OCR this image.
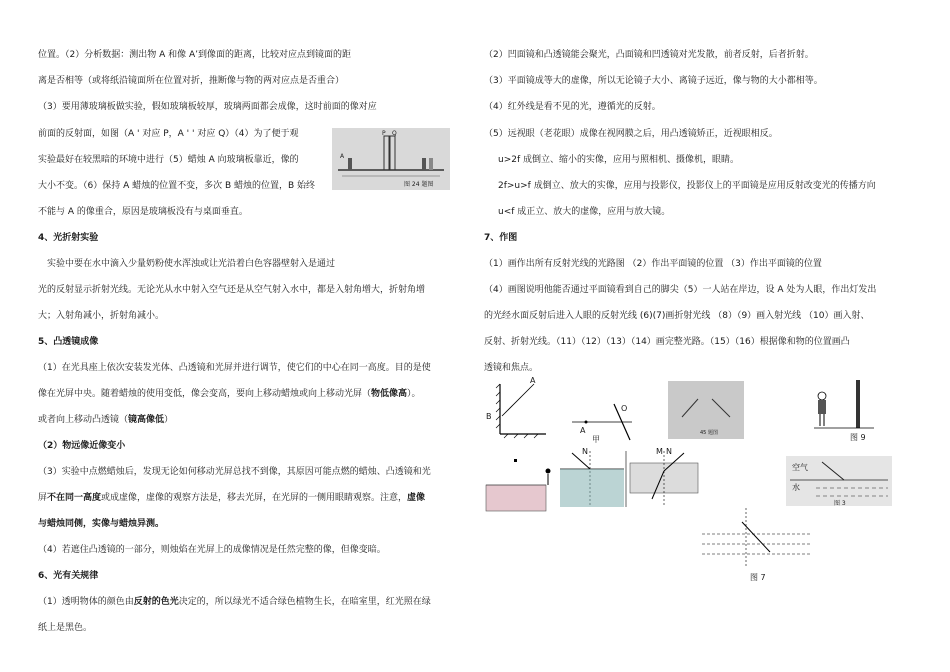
位置。（2）分析数据：测出物 A 和像 A’到像面的距离，比较对应点到镜面的距
离是否相等（或将纸沿镜面所在位置对折，推断像与物的两对应点是否重合）
（3）要用薄玻璃板做实验，假如玻璃板较厚，玻璃两面都会成像，这时前面的像对应
前面的反射面，如图（A ' 对应 P，A ' ' 对应 Q）（4）为了便于观
实验最好在较黑暗的环境中进行（5）蜡烛 A 向玻璃板靠近，像的
大小不变。（6）保持 A 蜡烛的位置不变，多次 B 蜡烛的位置，B 始终
不能与 A 的像重合，原因是玻璃板没有与桌面垂直。
P Q
A
图 24 题图
4、光折射实验
实验中要在水中滴入少量奶粉使水浑浊或让光沿着白色容器壁射入是通过
光的反射显示折射光线。无论光从水中射入空气还是从空气射入水中，都是入射角增大，折射角增
大；入射角减小，折射角减小。
5、凸透镜成像
（1）在光具座上依次安装发光体、凸透镜和光屏并进行调节，使它们的中心在同一高度。目的是使
像在光屏中央。随着蜡烛的使用变低，像会变高，要向上移动蜡烛或向上移动光屏（物低像高）。
或者向上移动凸透镜（镜高像低）
（2）物远像近像变小
（3）实验中点燃蜡烛后，发现无论如何移动光屏总找不到像，其原因可能点燃的蜡烛、凸透镜和光
屏不在同一高度或成虚像，虚像的观察方法是，移去光屏，在光屏的一侧用眼睛观察。注意，虚像
与蜡烛同侧，实像与蜡烛异测。
（4）若遮住凸透镜的一部分，则烛焰在光屏上的成像情况是任然完整的像，但像变暗。
6、光有关规律
（1）透明物体的颜色由反射的色光决定的，所以绿光不适合绿色植物生长，在暗室里，红光照在绿
纸上是黑色。
（2）凹面镜和凸透镜能会聚光，凸面镜和凹透镜对光发散，前者反射，后者折射。
（3）平面镜成等大的虚像，所以无论镜子大小、离镜子远近，像与物的大小都相等。
（4）红外线是看不见的光，遵循光的反射。
（5）远视眼（老花眼）成像在视网膜之后，用凸透镜矫正，近视眼相反。
u>2f 成倒立、缩小的实像，应用与照相机、摄像机，眼睛。
2f>u>f 成倒立、放大的实像，应用与投影仪，投影仪上的平面镜是应用反射改变光的传播方向
u<f 成正立、放大的虚像，应用与放大镜。
7、作图
（1）画作出所有反射光线的光路图 （2）作出平面镜的位置 （3）作出平面镜的位置
（4）画图说明他能否通过平面镜看到自己的脚尖（5）一人站在岸边，设 A 处为人眼，作出灯发出
的光经水面反射后进入人眼的反射光线 (6)(7)画折射光线 （8）（9）画入射光线 （10）画入射、
反射、折射光线。（11）（12）（13）（14）画完整光路。（15）（16）根据像和物的位置画凸
透镜和焦点。
A
B
O
A
甲
45 题图	图 9
N	M N
空气
水
图 3
图 7
